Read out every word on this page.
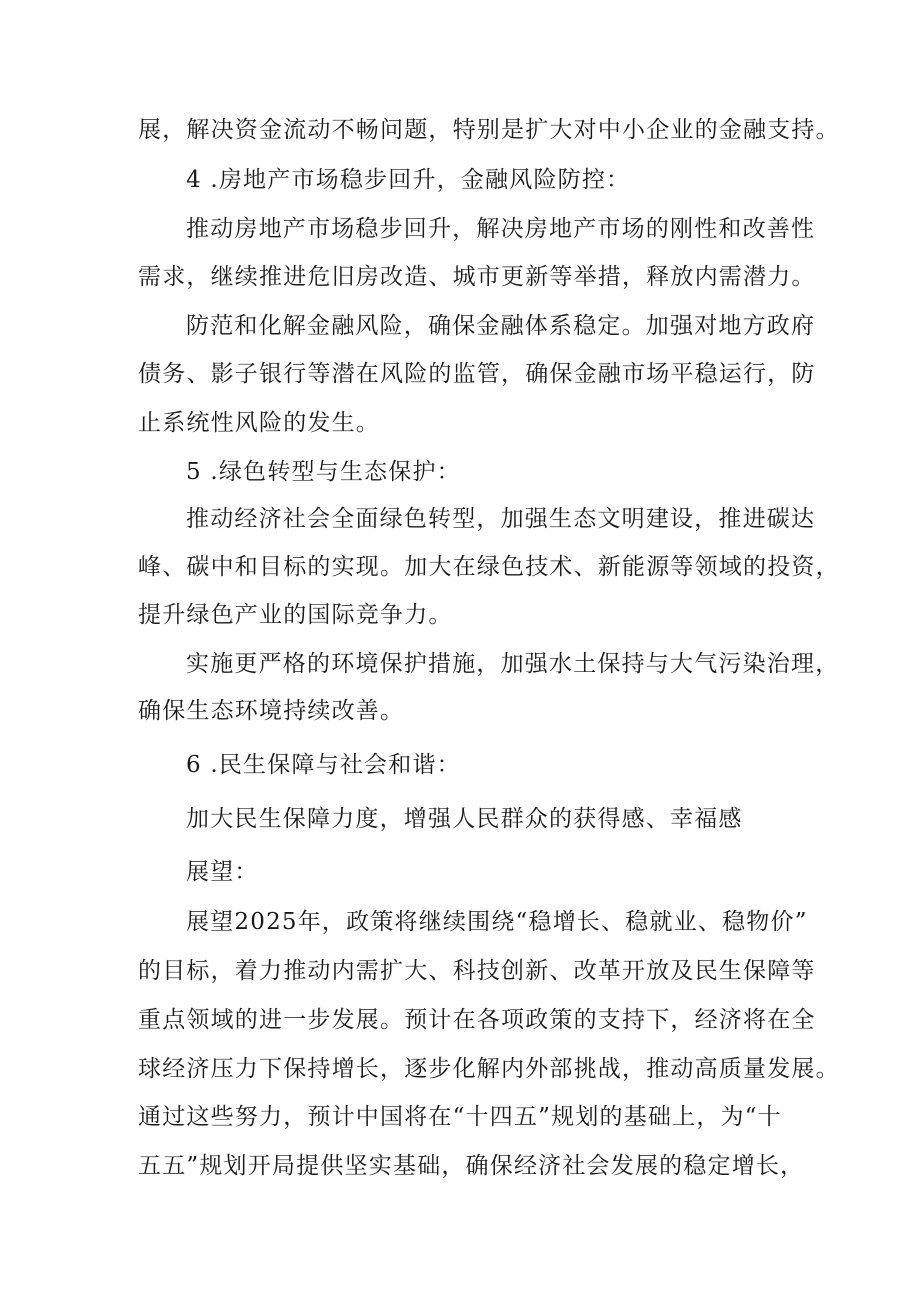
展，解决资金流动不畅问题，特别是扩大对中小企业的金融支持。
4 .房地产市场稳步回升，金融风险防控：
推动房地产市场稳步回升，解决房地产市场的刚性和改善性
需求，继续推进危旧房改造、城市更新等举措，释放内需潜力。
防范和化解金融风险，确保金融体系稳定。加强对地方政府
债务、影子银行等潜在风险的监管，确保金融市场平稳运行，防
止系统性风险的发生。
5 .绿色转型与生态保护：
推动经济社会全面绿色转型，加强生态文明建设，推进碳达
峰、碳中和目标的实现。加大在绿色技术、新能源等领域的投资，
提升绿色产业的国际竞争力。
实施更严格的环境保护措施，加强水土保持与大气污染治理，
确保生态环境持续改善。
6 .民生保障与社会和谐：
加大民生保障力度，增强人民群众的获得感、幸福感
展望：
展望2025年，政策将继续围绕“稳增长、稳就业、稳物价”
的目标，着力推动内需扩大、科技创新、改革开放及民生保障等
重点领域的进一步发展。预计在各项政策的支持下，经济将在全
球经济压力下保持增长，逐步化解内外部挑战，推动高质量发展。
通过这些努力，预计中国将在“十四五”规划的基础上，为“十
五五”规划开局提供坚实基础，确保经济社会发展的稳定增长，
